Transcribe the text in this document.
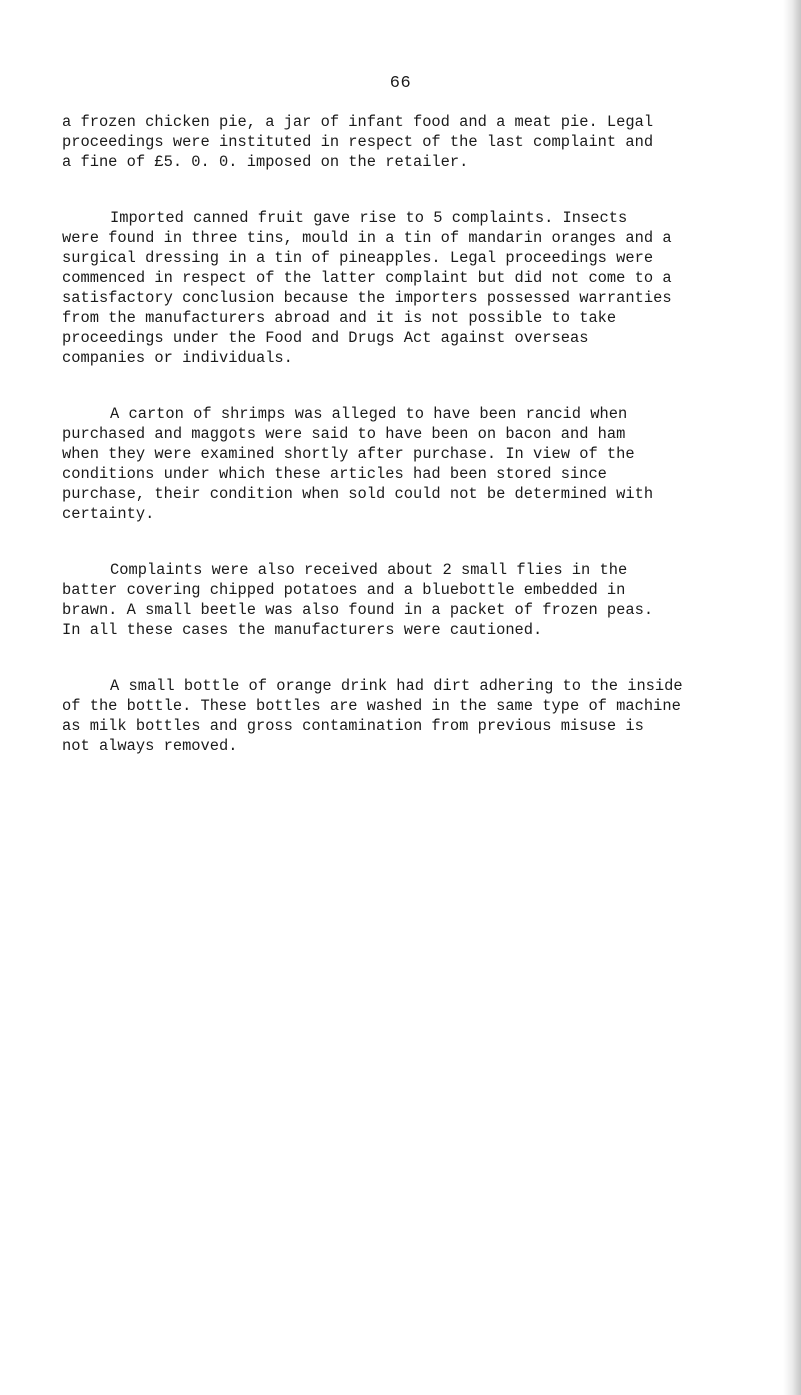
66

a frozen chicken pie, a jar of infant food and a meat pie. Legal
proceedings were instituted in respect of the last complaint and
a fine of £5. 0. 0. imposed on the retailer.

Imported canned fruit gave rise to 5 complaints. Insects
were found in three tins, mould in a tin of mandarin oranges and a
surgical dressing in a tin of pineapples. Legal proceedings were
commenced in respect of the latter complaint but did not come to a
satisfactory conclusion because the importers possessed warranties
from the manufacturers abroad and it is not possible to take
proceedings under the Food and Drugs Act against overseas
companies or individuals.

A carton of shrimps was alleged to have been rancid when
purchased and maggots were said to have been on bacon and ham
when they were examined shortly after purchase. In view of the
conditions under which these articles had been stored since
purchase, their condition when sold could not be determined with
certainty.

Complaints were also received about 2 small flies in the
batter covering chipped potatoes and a bluebottle embedded in
brawn. A small beetle was also found in a packet of frozen peas.
In all these cases the manufacturers were cautioned.

A small bottle of orange drink had dirt adhering to the inside
of the bottle. These bottles are washed in the same type of machine
as milk bottles and gross contamination from previous misuse is
not always removed.
